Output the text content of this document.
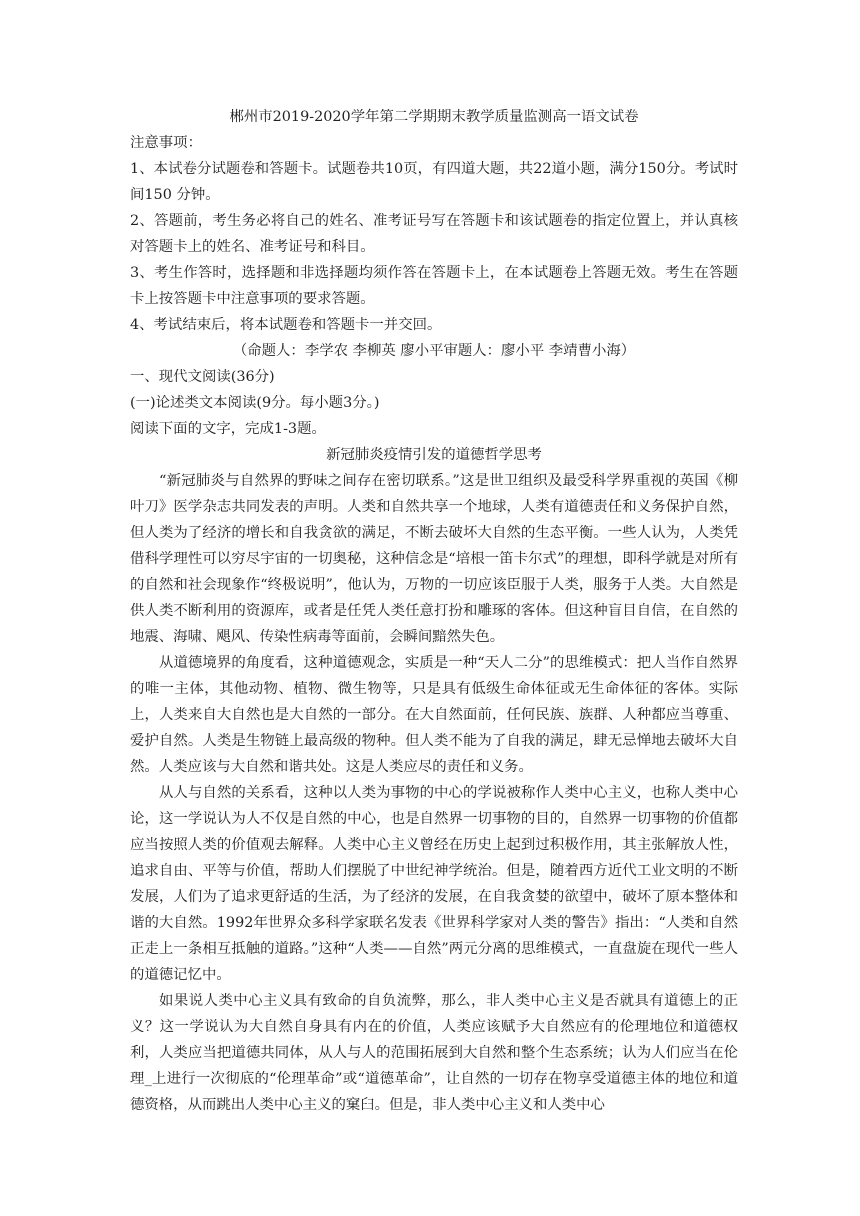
郴州市2019-2020学年第二学期期末教学质量监测高一语文试卷
注意事项：
1、本试卷分试题卷和答题卡。试题卷共10页，有四道大题，共22道小题，满分150分。考试时间150 分钟。
2、答题前，考生务必将自己的姓名、准考证号写在答题卡和该试题卷的指定位置上，并认真核对答题卡上的姓名、准考证号和科目。
3、考生作答时，选择题和非选择题均须作答在答题卡上，在本试题卷上答题无效。考生在答题卡上按答题卡中注意事项的要求答题。
4、考试结束后，将本试题卷和答题卡一并交回。
（命题人：李学农 李柳英 廖小平审题人：廖小平 李靖曹小海）
一、现代文阅读(36分)
(一)论述类文本阅读(9分。每小题3分。)
阅读下面的文字，完成1-3题。
新冠肺炎疫情引发的道德哲学思考
“新冠肺炎与自然界的野味之间存在密切联系。”这是世卫组织及最受科学界重视的英国《柳叶刀》医学杂志共同发表的声明。人类和自然共享一个地球，人类有道德责任和义务保护自然，但人类为了经济的增长和自我贪欲的满足，不断去破坏大自然的生态平衡。一些人认为，人类凭借科学理性可以穷尽宇宙的一切奥秘，这种信念是“培根一笛卡尔式”的理想，即科学就是对所有的自然和社会现象作“终极说明”，他认为，万物的一切应该臣服于人类，服务于人类。大自然是供人类不断利用的资源库，或者是任凭人类任意打扮和雕琢的客体。但这种盲目自信，在自然的地震、海啸、飓风、传染性病毒等面前，会瞬间黯然失色。
从道德境界的角度看，这种道德观念，实质是一种“天人二分”的思维模式：把人当作自然界的唯一主体，其他动物、植物、微生物等，只是具有低级生命体征或无生命体征的客体。实际上，人类来自大自然也是大自然的一部分。在大自然面前，任何民族、族群、人种都应当尊重、爱护自然。人类是生物链上最高级的物种。但人类不能为了自我的满足，肆无忌惮地去破坏大自然。人类应该与大自然和谐共处。这是人类应尽的责任和义务。
从人与自然的关系看，这种以人类为事物的中心的学说被称作人类中心主义，也称人类中心论，这一学说认为人不仅是自然的中心，也是自然界一切事物的目的，自然界一切事物的价值都应当按照人类的价值观去解释。人类中心主义曾经在历史上起到过积极作用，其主张解放人性，追求自由、平等与价值，帮助人们摆脱了中世纪神学统治。但是，随着西方近代工业文明的不断发展，人们为了追求更舒适的生活，为了经济的发展，在自我贪婪的欲望中，破坏了原本整体和谐的大自然。1992年世界众多科学家联名发表《世界科学家对人类的警告》指出：“人类和自然正走上一条相互抵触的道路。”这种“人类——自然”两元分离的思维模式，一直盘旋在现代一些人的道德记忆中。
如果说人类中心主义具有致命的自负流弊，那么，非人类中心主义是否就具有道德上的正义？这一学说认为大自然自身具有内在的价值，人类应该赋予大自然应有的伦理地位和道德权利，人类应当把道德共同体，从人与人的范围拓展到大自然和整个生态系统；认为人们应当在伦理_上进行一次彻底的“伦理革命”或“道德革命”，让自然的一切存在物享受道德主体的地位和道德资格，从而跳出人类中心主义的窠臼。但是，非人类中心主义和人类中心
